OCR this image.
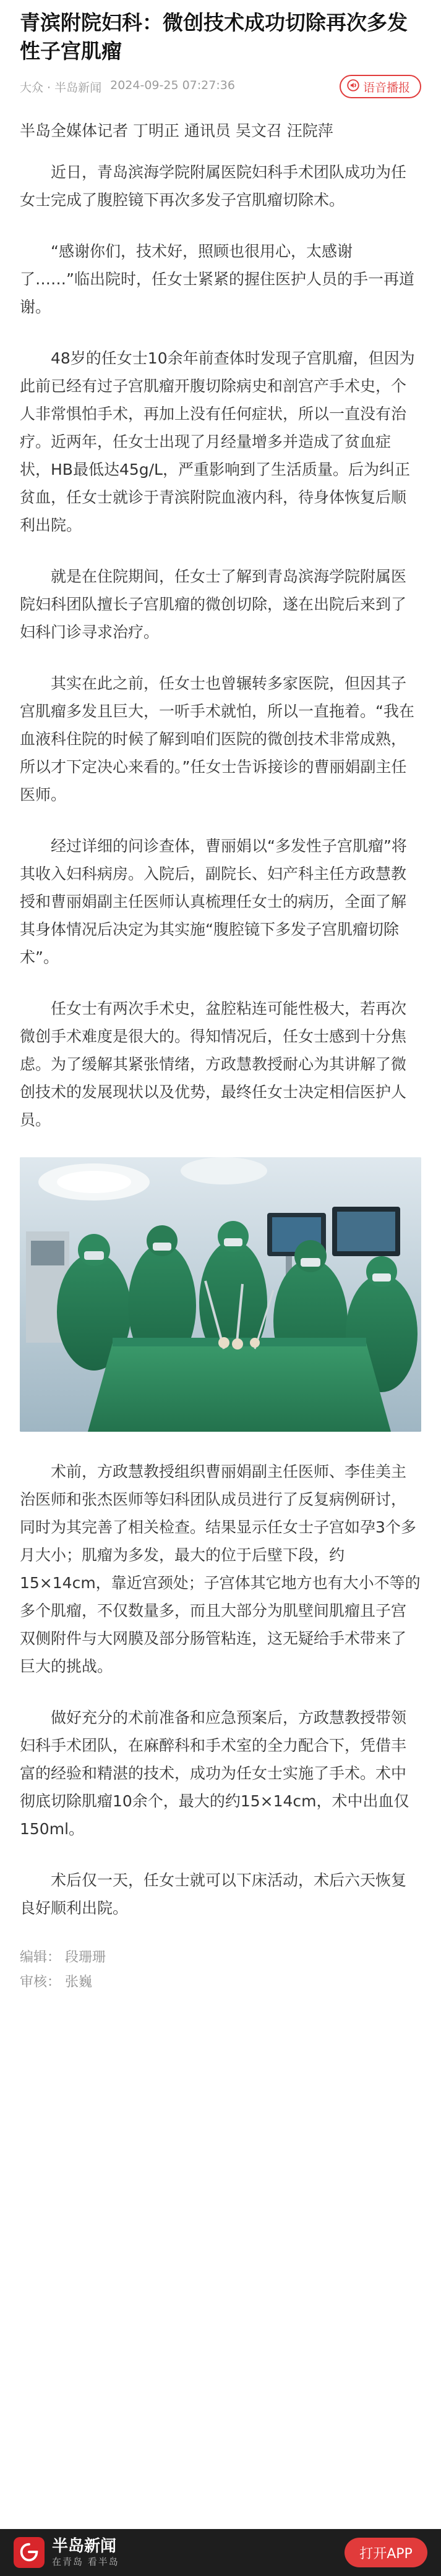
青滨附院妇科：微创技术成功切除再次多发性子宫肌瘤
大众 · 半岛新闻 2024-09-25 07:27:36	语音播报
半岛全媒体记者 丁明正 通讯员 吴文召 汪院萍

近日，青岛滨海学院附属医院妇科手术团队成功为任女士完成了腹腔镜下再次多发子宫肌瘤切除术。

“感谢你们，技术好，照顾也很用心，太感谢了……”临出院时，任女士紧紧的握住医护人员的手一再道谢。

48岁的任女士10余年前查体时发现子宫肌瘤，但因为此前已经有过子宫肌瘤开腹切除病史和剖宫产手术史，个人非常惧怕手术，再加上没有任何症状，所以一直没有治疗。近两年，任女士出现了月经量增多并造成了贫血症状，HB最低达45g/L，严重影响到了生活质量。后为纠正贫血，任女士就诊于青滨附院血液内科，待身体恢复后顺利出院。

就是在住院期间，任女士了解到青岛滨海学院附属医院妇科团队擅长子宫肌瘤的微创切除，遂在出院后来到了妇科门诊寻求治疗。

其实在此之前，任女士也曾辗转多家医院，但因其子宫肌瘤多发且巨大，一听手术就怕，所以一直拖着。“我在血液科住院的时候了解到咱们医院的微创技术非常成熟，所以才下定决心来看的。”任女士告诉接诊的曹丽娟副主任医师。

经过详细的问诊查体，曹丽娟以“多发性子宫肌瘤”将其收入妇科病房。入院后，副院长、妇产科主任方政慧教授和曹丽娟副主任医师认真梳理任女士的病历，全面了解其身体情况后决定为其实施“腹腔镜下多发子宫肌瘤切除术”。

任女士有两次手术史，盆腔粘连可能性极大，若再次微创手术难度是很大的。得知情况后，任女士感到十分焦虑。为了缓解其紧张情绪，方政慧教授耐心为其讲解了微创技术的发展现状以及优势，最终任女士决定相信医护人员。

术前，方政慧教授组织曹丽娟副主任医师、李佳美主治医师和张杰医师等妇科团队成员进行了反复病例研讨，同时为其完善了相关检查。结果显示任女士子宫如孕3个多月大小；肌瘤为多发，最大的位于后壁下段，约15×14cm，靠近宫颈处；子宫体其它地方也有大小不等的多个肌瘤，不仅数量多，而且大部分为肌壁间肌瘤且子宫双侧附件与大网膜及部分肠管粘连，这无疑给手术带来了巨大的挑战。

做好充分的术前准备和应急预案后，方政慧教授带领妇科手术团队，在麻醉科和手术室的全力配合下，凭借丰富的经验和精湛的技术，成功为任女士实施了手术。术中彻底切除肌瘤10余个，最大的约15×14cm，术中出血仅150ml。

术后仅一天，任女士就可以下床活动，术后六天恢复良好顺利出院。

编辑： 段珊珊
审核： 张巍
半岛新闻
在青岛 看半岛
打开APP
